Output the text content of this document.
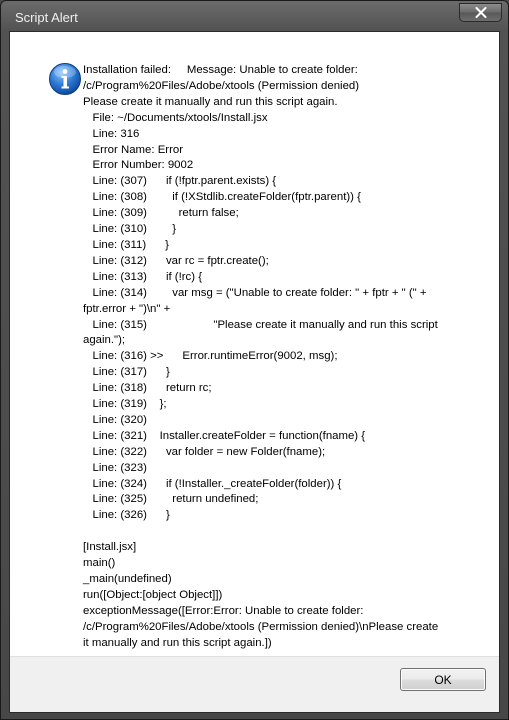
Script Alert
Installation failed:     Message: Unable to create folder:
/c/Program%20Files/Adobe/xtools (Permission denied)
Please create it manually and run this script again.
File: ~/Documents/xtools/Install.jsx
Line: 316
Error Name: Error
Error Number: 9002
Line: (307)      if (!fptr.parent.exists) {
Line: (308)        if (!XStdlib.createFolder(fptr.parent)) {
Line: (309)          return false;
Line: (310)        }
Line: (311)      }
Line: (312)      var rc = fptr.create();
Line: (313)      if (!rc) {
Line: (314)        var msg = ("Unable to create folder: " + fptr + " (" +
fptr.error + ")\n" +
Line: (315)                     "Please create it manually and run this script
again.");
Line: (316) >>      Error.runtimeError(9002, msg);
Line: (317)      }
Line: (318)      return rc;
Line: (319)    };
Line: (320)
Line: (321)    Installer.createFolder = function(fname) {
Line: (322)      var folder = new Folder(fname);
Line: (323)
Line: (324)      if (!Installer._createFolder(folder)) {
Line: (325)        return undefined;
Line: (326)      }

[Install.jsx]
main()
_main(undefined)
run([Object:[object Object]])
exceptionMessage([Error:Error: Unable to create folder:
/c/Program%20Files/Adobe/xtools (Permission denied)\nPlease create
it manually and run this script again.])
OK
